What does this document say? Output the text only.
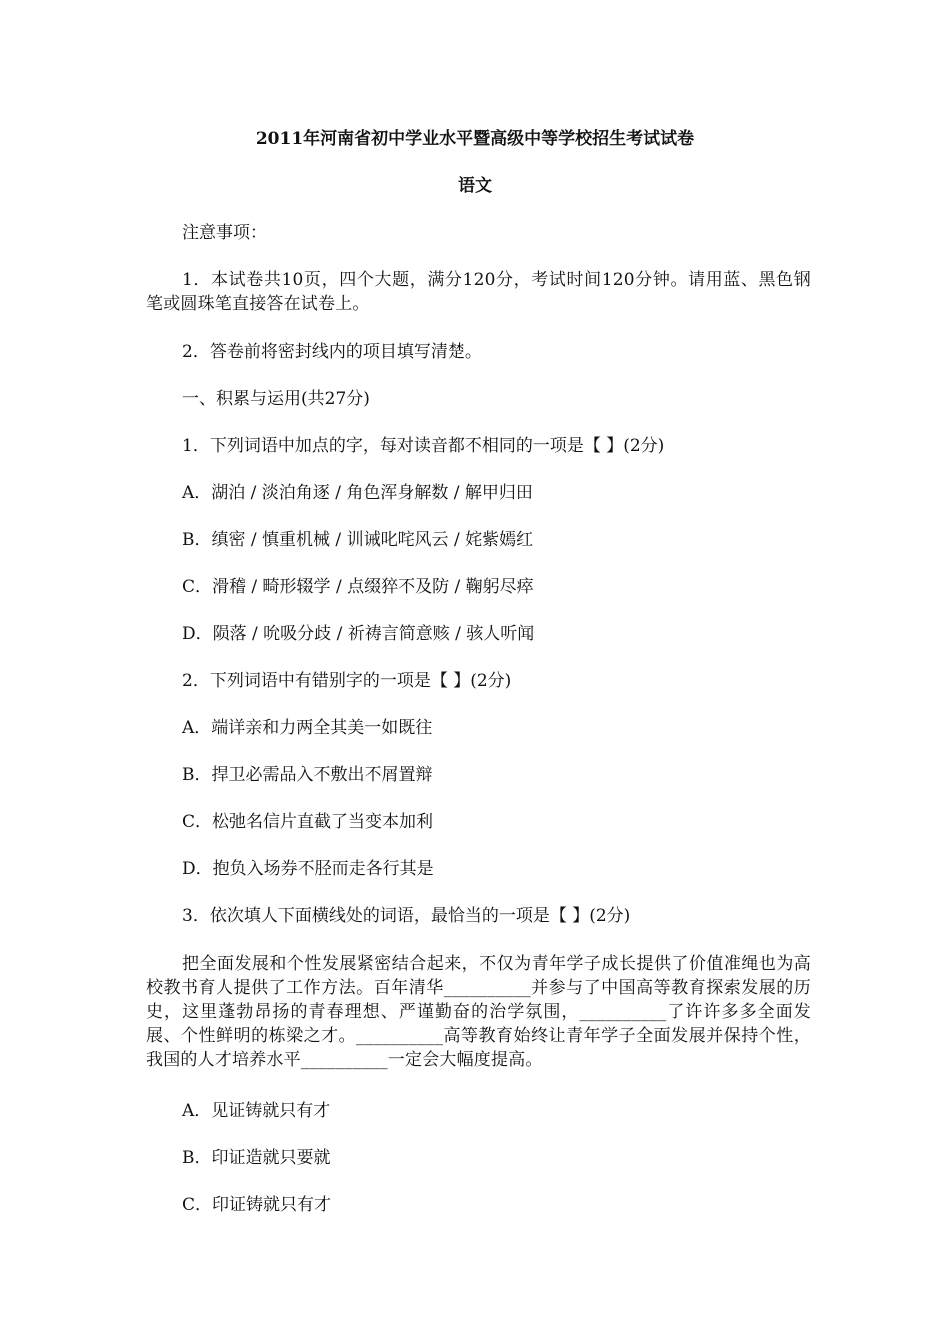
2011年河南省初中学业水平暨高级中等学校招生考试试卷
语文
注意事项：
1．本试卷共10页，四个大题，满分120分，考试时间120分钟。请用蓝、黑色钢笔或圆珠笔直接答在试卷上。
2．答卷前将密封线内的项目填写清楚。
一、积累与运用(共27分)
1．下列词语中加点的字，每对读音都不相同的一项是【 】(2分)
A．湖泊 / 淡泊角逐 / 角色浑身解数 / 解甲归田
B．缜密 / 慎重机械 / 训诫叱咤风云 / 姹紫嫣红
C．滑稽 / 畸形辍学 / 点缀猝不及防 / 鞠躬尽瘁
D．陨落 / 吮吸分歧 / 祈祷言简意赅 / 骇人听闻
2．下列词语中有错别字的一项是【 】(2分)
A．端详亲和力两全其美一如既往
B．捍卫必需品入不敷出不屑置辩
C．松弛名信片直截了当变本加利
D．抱负入场券不胫而走各行其是
3．依次填人下面横线处的词语，最恰当的一项是【 】(2分)
把全面发展和个性发展紧密结合起来，不仅为青年学子成长提供了价值准绳也为高校教书育人提供了工作方法。百年清华__________并参与了中国高等教育探索发展的历史，这里蓬勃昂扬的青春理想、严谨勤奋的治学氛围，__________了许许多多全面发展、个性鲜明的栋梁之才。__________高等教育始终让青年学子全面发展并保持个性，我国的人才培养水平__________一定会大幅度提高。
A．见证铸就只有才
B．印证造就只要就
C．印证铸就只有才
